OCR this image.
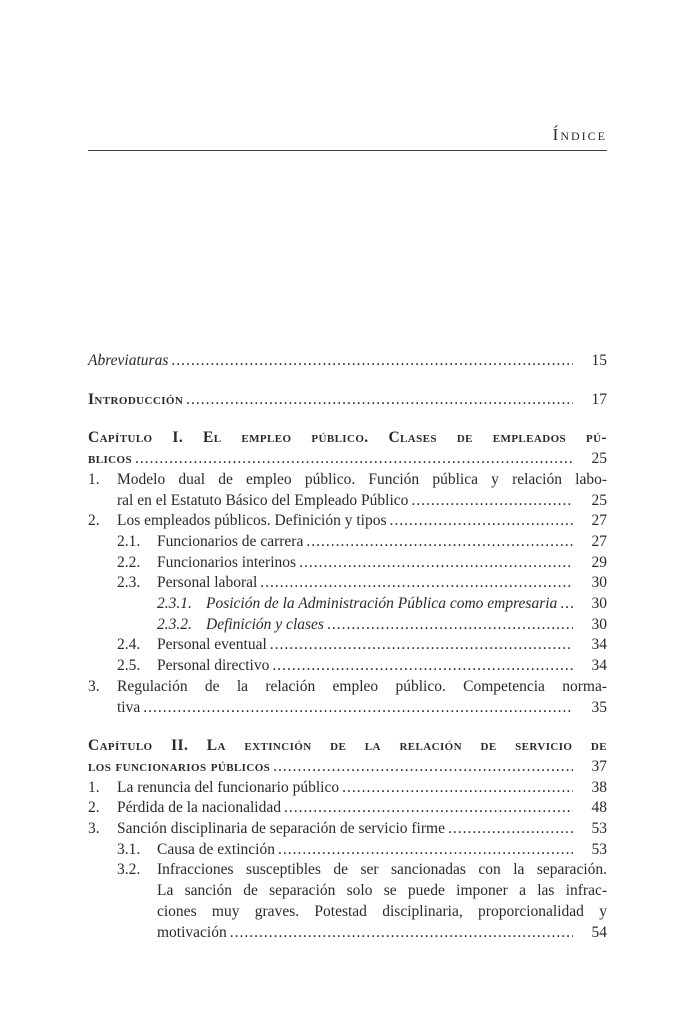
Índice
Abreviaturas .....	15
Introducción .....	17
Capítulo I. El empleo público. Clases de empleados pú-
blicos .....	25
1.	Modelo dual de empleo público. Función pública y relación labo-
ral en el Estatuto Básico del Empleado Público .....	25
2.	Los empleados públicos. Definición y tipos .....	27
2.1.	Funcionarios de carrera .....	27
2.2.	Funcionarios interinos .....	29
2.3.	Personal laboral .....	30
2.3.1. Posición de la Administración Pública como empresaria .....	30
2.3.2. Definición y clases .....	30
2.4.	Personal eventual .....	34
2.5.	Personal directivo .....	34
3.	Regulación de la relación empleo público. Competencia norma-
tiva .....	35
Capítulo II. La extinción de la relación de servicio de
los funcionarios públicos .....	37
1.	La renuncia del funcionario público .....	38
2.	Pérdida de la nacionalidad .....	48
3.	Sanción disciplinaria de separación de servicio firme .....	53
3.1.	Causa de extinción .....	53
3.2.	Infracciones susceptibles de ser sancionadas con la separación.
La sanción de separación solo se puede imponer a las infrac-
ciones muy graves. Potestad disciplinaria, proporcionalidad y
motivación .....	54
